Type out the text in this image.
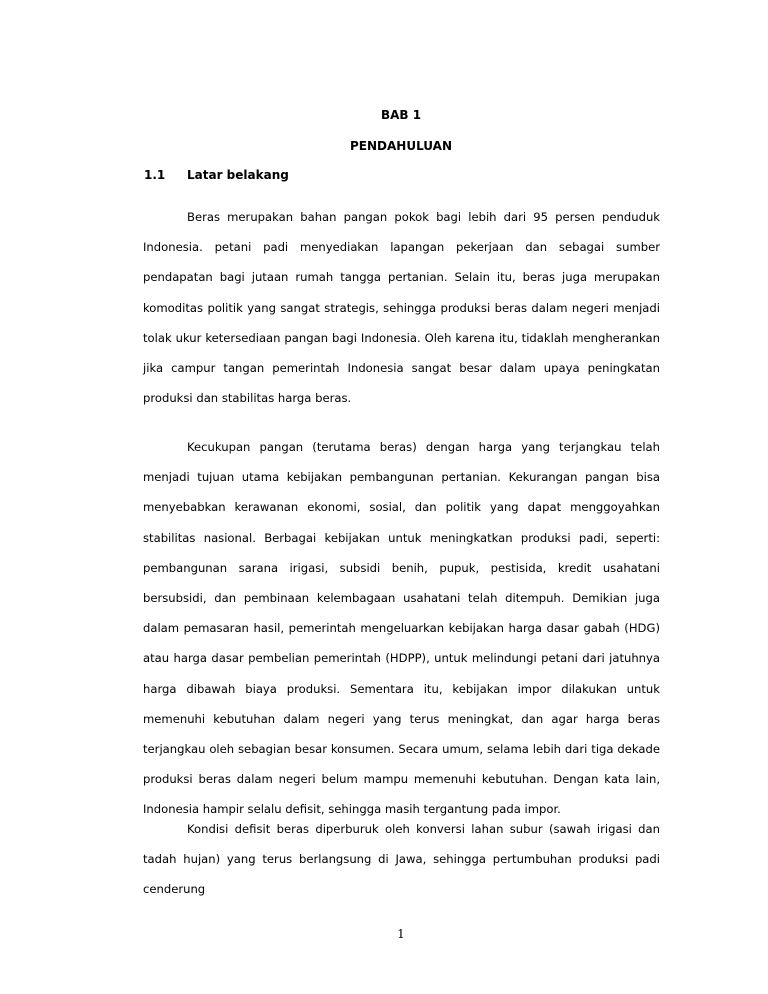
BAB 1
PENDAHULUAN
1.1 Latar belakang

Beras merupakan bahan pangan pokok bagi lebih dari 95 persen penduduk Indonesia. petani padi menyediakan lapangan pekerjaan dan sebagai sumber pendapatan bagi jutaan rumah tangga pertanian. Selain itu, beras juga merupakan komoditas politik yang sangat strategis, sehingga produksi beras dalam negeri menjadi tolak ukur ketersediaan pangan bagi Indonesia. Oleh karena itu, tidaklah mengherankan jika campur tangan pemerintah Indonesia sangat besar dalam upaya peningkatan produksi dan stabilitas harga beras.

Kecukupan pangan (terutama beras) dengan harga yang terjangkau telah menjadi tujuan utama kebijakan pembangunan pertanian. Kekurangan pangan bisa menyebabkan kerawanan ekonomi, sosial, dan politik yang dapat menggoyahkan stabilitas nasional. Berbagai kebijakan untuk meningkatkan produksi padi, seperti: pembangunan sarana irigasi, subsidi benih, pupuk, pestisida, kredit usahatani bersubsidi, dan pembinaan kelembagaan usahatani telah ditempuh. Demikian juga dalam pemasaran hasil, pemerintah mengeluarkan kebijakan harga dasar gabah (HDG) atau harga dasar pembelian pemerintah (HDPP), untuk melindungi petani dari jatuhnya harga dibawah biaya produksi. Sementara itu, kebijakan impor dilakukan untuk memenuhi kebutuhan dalam negeri yang terus meningkat, dan agar harga beras terjangkau oleh sebagian besar konsumen. Secara umum, selama lebih dari tiga dekade produksi beras dalam negeri belum mampu memenuhi kebutuhan. Dengan kata lain, Indonesia hampir selalu defisit, sehingga masih tergantung pada impor.

Kondisi defisit beras diperburuk oleh konversi lahan subur (sawah irigasi dan tadah hujan) yang terus berlangsung di Jawa, sehingga pertumbuhan produksi padi cenderung

1
